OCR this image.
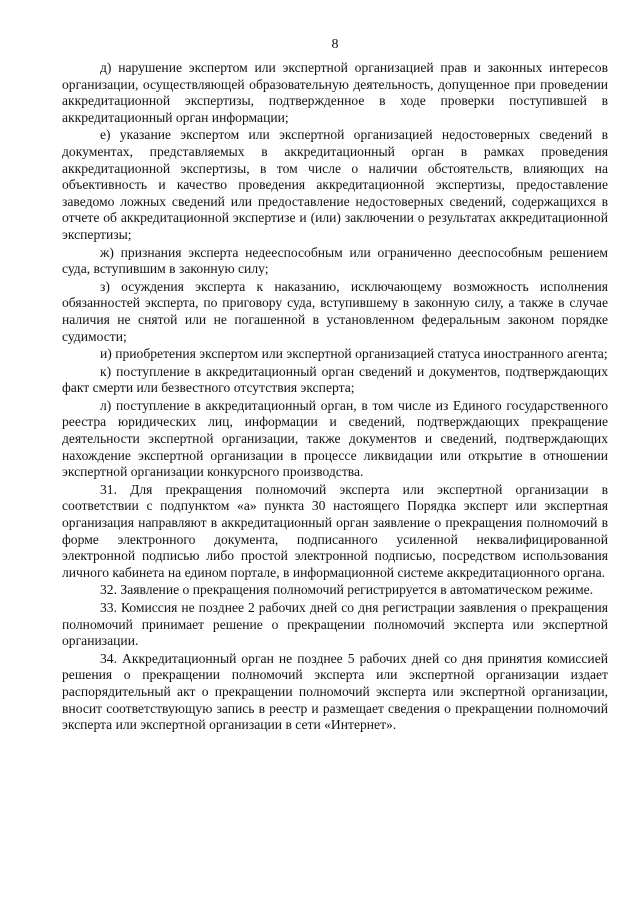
8

д) нарушение экспертом или экспертной организацией прав и законных интересов организации, осуществляющей образовательную деятельность, допущенное при проведении аккредитационной экспертизы, подтвержденное в ходе проверки поступившей в аккредитационный орган информации;

е) указание экспертом или экспертной организацией недостоверных сведений в документах, представляемых в аккредитационный орган в рамках проведения аккредитационной экспертизы, в том числе о наличии обстоятельств, влияющих на объективность и качество проведения аккредитационной экспертизы, предоставление заведомо ложных сведений или предоставление недостоверных сведений, содержащихся в отчете об аккредитационной экспертизе и (или) заключении о результатах аккредитационной экспертизы;

ж) признания эксперта недееспособным или ограниченно дееспособным решением суда, вступившим в законную силу;

з) осуждения эксперта к наказанию, исключающему возможность исполнения обязанностей эксперта, по приговору суда, вступившему в законную силу, а также в случае наличия не снятой или не погашенной в установленном федеральным законом порядке судимости;

и) приобретения экспертом или экспертной организацией статуса иностранного агента;

к) поступление в аккредитационный орган сведений и документов, подтверждающих факт смерти или безвестного отсутствия эксперта;

л) поступление в аккредитационный орган, в том числе из Единого государственного реестра юридических лиц, информации и сведений, подтверждающих прекращение деятельности экспертной организации, также документов и сведений, подтверждающих нахождение экспертной организации в процессе ликвидации или открытие в отношении экспертной организации конкурсного производства.

31. Для прекращения полномочий эксперта или экспертной организации в соответствии с подпунктом «а» пункта 30 настоящего Порядка эксперт или экспертная организация направляют в аккредитационный орган заявление о прекращения полномочий в форме электронного документа, подписанного усиленной неквалифицированной электронной подписью либо простой электронной подписью, посредством использования личного кабинета на едином портале, в информационной системе аккредитационного органа.

32. Заявление о прекращения полномочий регистрируется в автоматическом режиме.

33. Комиссия не позднее 2 рабочих дней со дня регистрации заявления о прекращения полномочий принимает решение о прекращении полномочий эксперта или экспертной организации.

34. Аккредитационный орган не позднее 5 рабочих дней со дня принятия комиссией решения о прекращении полномочий эксперта или экспертной организации издает распорядительный акт о прекращении полномочий эксперта или экспертной организации, вносит соответствующую запись в реестр и размещает сведения о прекращении полномочий эксперта или экспертной организации в сети «Интернет».
